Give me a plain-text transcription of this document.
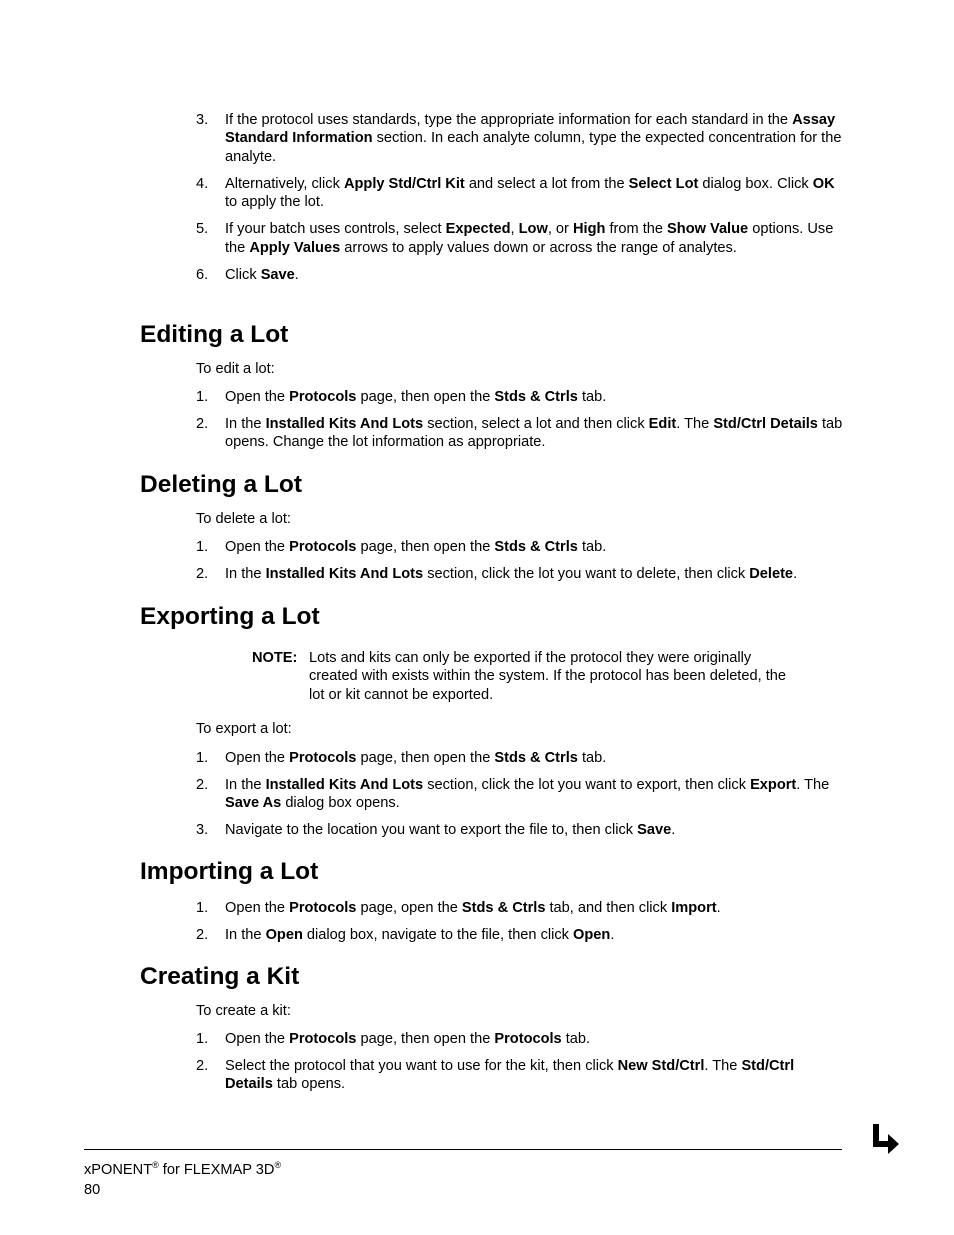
3.	If the protocol uses standards, type the appropriate information for each standard in the Assay Standard Information section. In each analyte column, type the expected concentration for the analyte.
4.	Alternatively, click Apply Std/Ctrl Kit and select a lot from the Select Lot dialog box. Click OK to apply the lot.
5.	If your batch uses controls, select Expected, Low, or High from the Show Value options. Use the Apply Values arrows to apply values down or across the range of analytes.
6.	Click Save.
Editing a Lot

To edit a lot:

1.	Open the Protocols page, then open the Stds & Ctrls tab.
2.	In the Installed Kits And Lots section, select a lot and then click Edit. The Std/Ctrl Details tab opens. Change the lot information as appropriate.
Deleting a Lot

To delete a lot:

1.	Open the Protocols page, then open the Stds & Ctrls tab.
2.	In the Installed Kits And Lots section, click the lot you want to delete, then click Delete.
Exporting a Lot
NOTE: Lots and kits can only be exported if the protocol they were originally created with exists within the system. If the protocol has been deleted, the lot or kit cannot be exported.

To export a lot:

1.	Open the Protocols page, then open the Stds & Ctrls tab.
2.	In the Installed Kits And Lots section, click the lot you want to export, then click Export. The Save As dialog box opens.
3.	Navigate to the location you want to export the file to, then click Save.
Importing a Lot
1.	Open the Protocols page, open the Stds & Ctrls tab, and then click Import.
2.	In the Open dialog box, navigate to the file, then click Open.
Creating a Kit

To create a kit:

1.	Open the Protocols page, then open the Protocols tab.
2.	Select the protocol that you want to use for the kit, then click New Std/Ctrl. The Std/Ctrl Details tab opens.
xPONENT® for FLEXMAP 3D®
80
